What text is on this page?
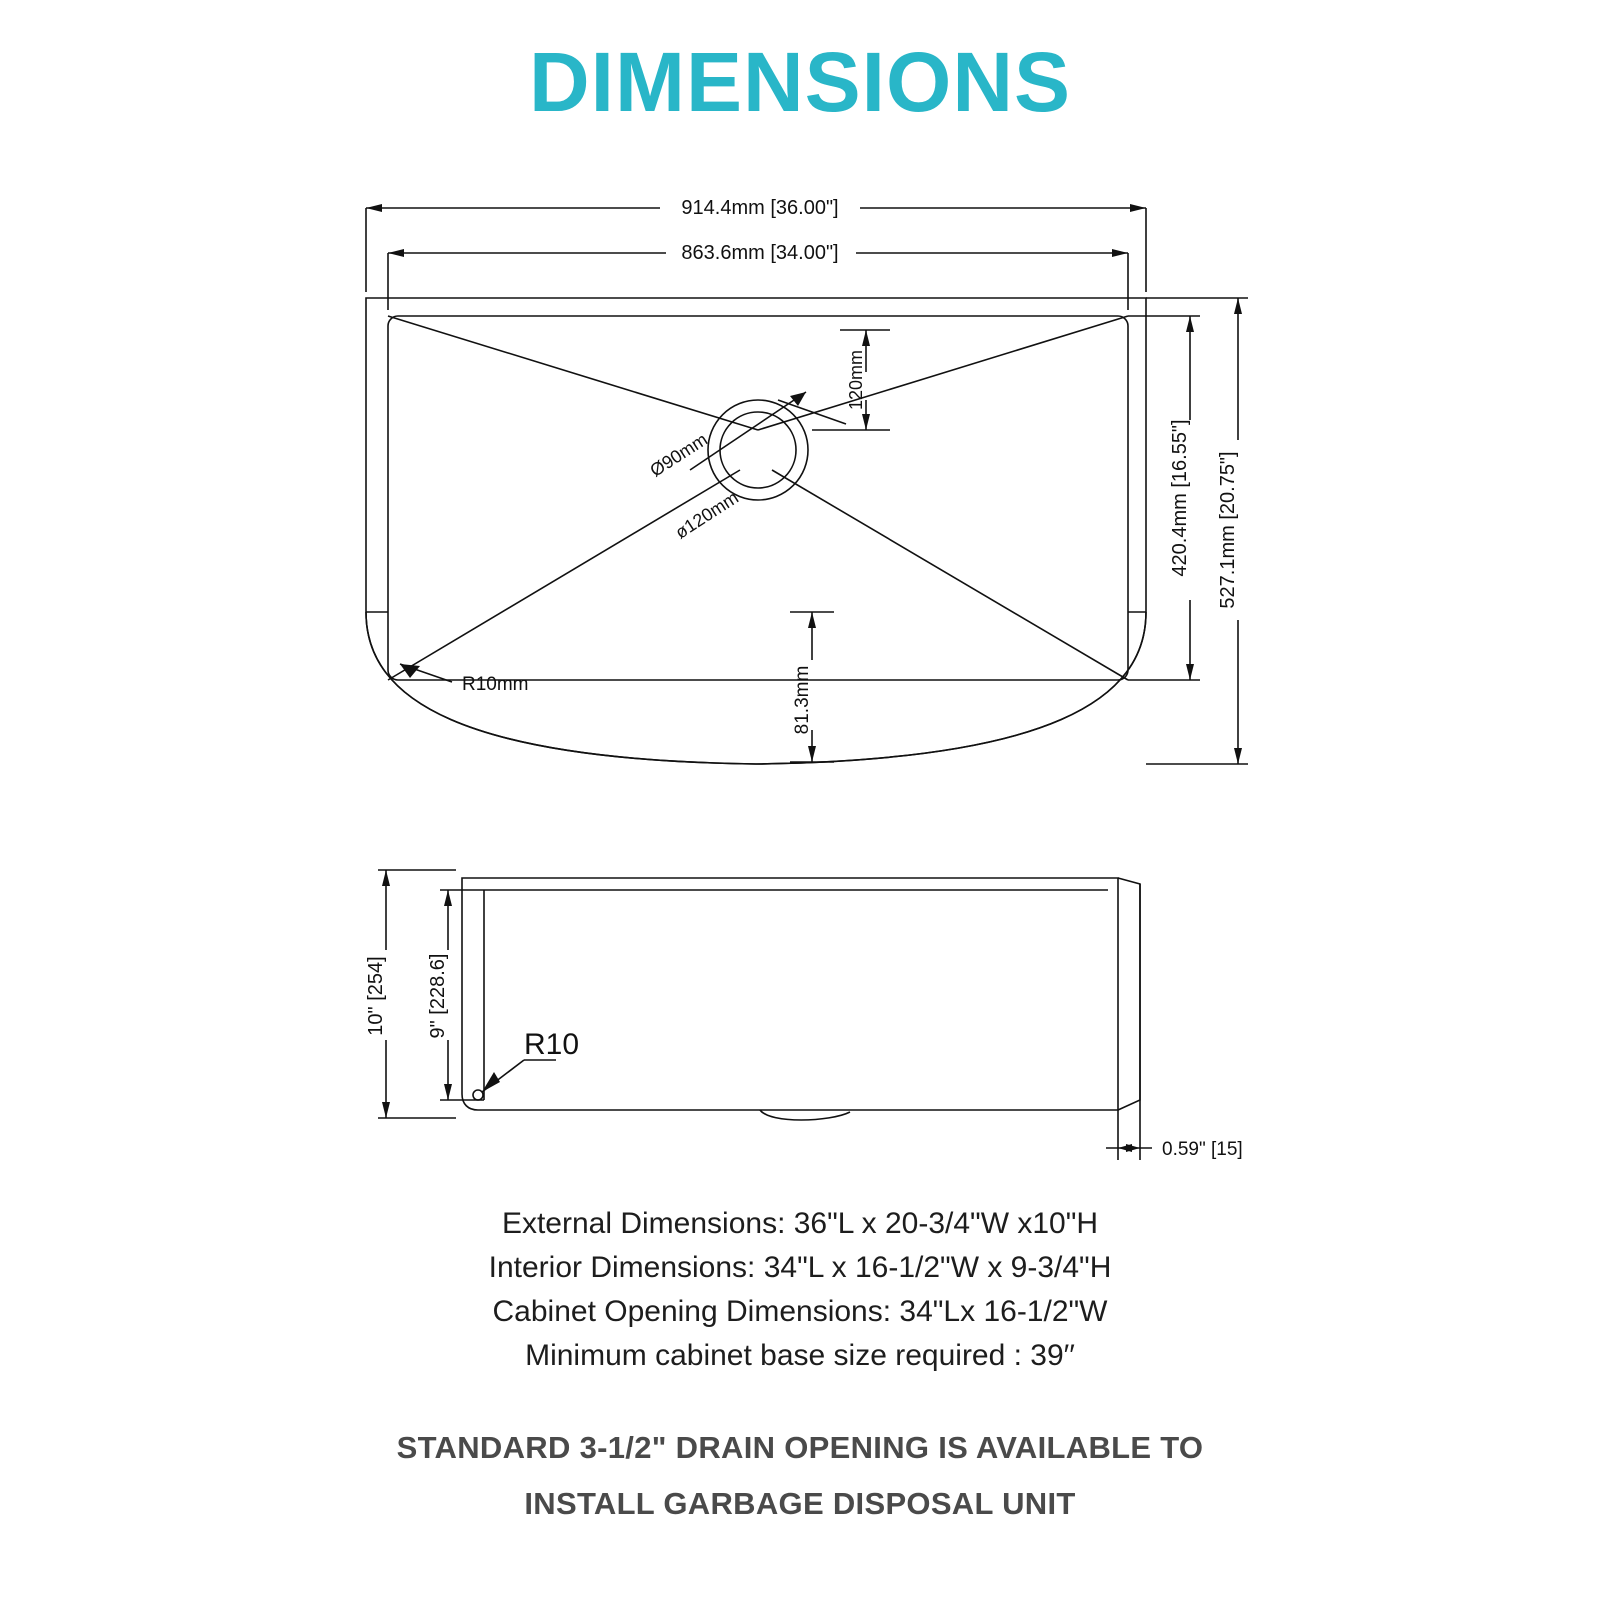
DIMENSIONS
914.4mm [36.00"]
863.6mm [34.00"]
420.4mm [16.55"] 527.1mm [20.75"]
120mm
Ø90mm
ø120mm
R10mm	81.3mm
10" [254] 9" [228.6]
R10
0.59" [15]
External Dimensions: 36"L x 20-3/4"W x10"H
Interior Dimensions: 34"L x 16-1/2"W x 9-3/4"H
Cabinet Opening Dimensions: 34"Lx 16-1/2"W
Minimum cabinet base size required : 39′′
STANDARD 3-1/2" DRAIN OPENING IS AVAILABLE TO
INSTALL GARBAGE DISPOSAL UNIT
